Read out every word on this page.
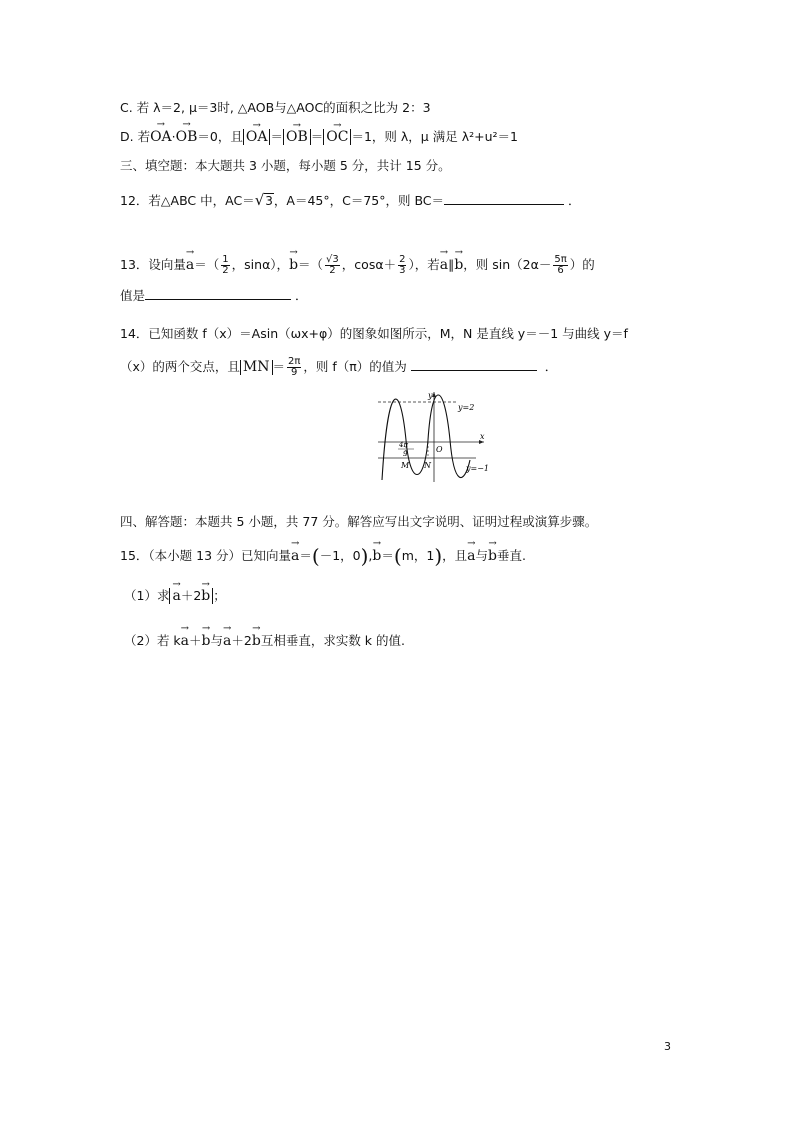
C. 若 λ＝2, μ＝3时, △AOB与△AOC的面积之比为 2：3
D. 若→ OA·→ OB＝0，且 → OA ＝ → OB ＝ → OC ＝1，则 λ，μ 满足 λ²+u²＝1
三、填空题：本大题共 3 小题，每小题 5 分，共计 15 分。
12．若△ABC 中，AC＝√3，A＝45°，C＝75°，则 BC＝	．
13．设向量→ $a=( \frac{1}{2}$ ，sinα），→ $b=( \frac{√3}{2}$ ，$\cos\alpha+ \frac{2}{3}$ ），若→ a∥→ b，则 $\sin(2\alpha- \frac{5\pi}{6}$ ）的
值是	．
14．已知函数 f（x）＝Asin（ωx+φ）的图象如图所示，M，N 是直线 y＝－1 与曲线 y＝f
（x）的两个交点，且 MN ＝ $\frac{2\pi}{9}$ ，则 f（π）的值为	．
y
x
O
y=2
y=−1
4π
9
M N
四、解答题：本题共 5 小题，共 77 分。解答应写出文字说明、证明过程或演算步骤。
15．（本小题 13 分）已知向量→ a＝(－1，0),→ b＝(m，1)，且→ a与→ b垂直.
（1）求 → a＋2→ b ；
（2）若 k→ a＋→ b与→ a＋2→ b互相垂直，求实数 k 的值.
3
